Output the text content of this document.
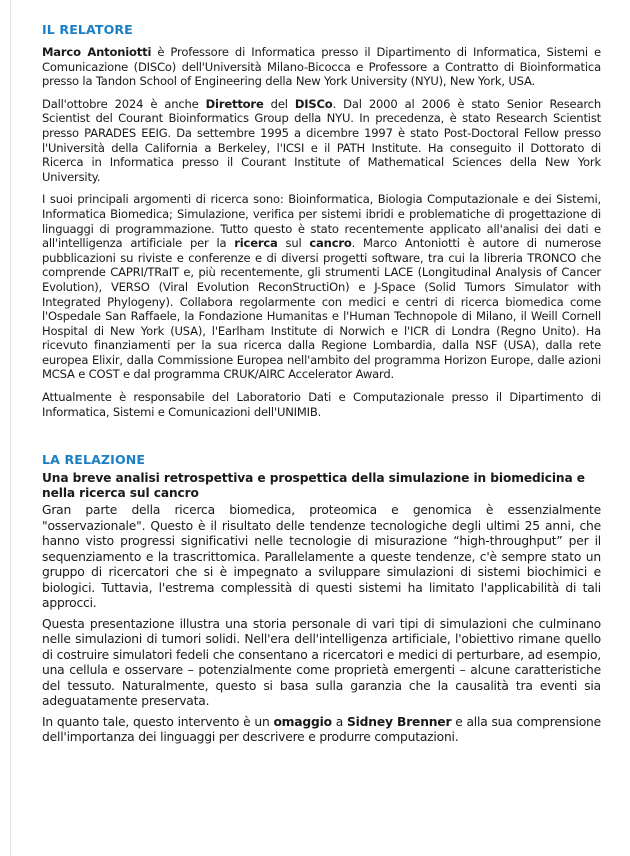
IL RELATORE

Marco Antoniotti è Professore di Informatica presso il Dipartimento di Informatica, Sistemi e Comunicazione (DISCo) dell'Università Milano-Bicocca e Professore a Contratto di Bioinformatica presso la Tandon School of Engineering della New York University (NYU), New York, USA.

Dall'ottobre 2024 è anche Direttore del DISCo. Dal 2000 al 2006 è stato Senior Research Scientist del Courant Bioinformatics Group della NYU. In precedenza, è stato Research Scientist presso PARADES EEIG. Da settembre 1995 a dicembre 1997 è stato Post-Doctoral Fellow presso l'Università della California a Berkeley, l'ICSI e il PATH Institute. Ha conseguito il Dottorato di Ricerca in Informatica presso il Courant Institute of Mathematical Sciences della New York University.

I suoi principali argomenti di ricerca sono: Bioinformatica, Biologia Computazionale e dei Sistemi, Informatica Biomedica; Simulazione, verifica per sistemi ibridi e problematiche di progettazione di linguaggi di programmazione. Tutto questo è stato recentemente applicato all'analisi dei dati e all'intelligenza artificiale per la ricerca sul cancro. Marco Antoniotti è autore di numerose pubblicazioni su riviste e conferenze e di diversi progetti software, tra cui la libreria TRONCO che comprende CAPRI/TRaIT e, più recentemente, gli strumenti LACE (Longitudinal Analysis of Cancer Evolution), VERSO (Viral Evolution ReconStructiOn) e J-Space (Solid Tumors Simulator with Integrated Phylogeny). Collabora regolarmente con medici e centri di ricerca biomedica come l'Ospedale San Raffaele, la Fondazione Humanitas e l'Human Technopole di Milano, il Weill Cornell Hospital di New York (USA), l'Earlham Institute di Norwich e l'ICR di Londra (Regno Unito). Ha ricevuto finanziamenti per la sua ricerca dalla Regione Lombardia, dalla NSF (USA), dalla rete europea Elixir, dalla Commissione Europea nell'ambito del programma Horizon Europe, dalle azioni MCSA e COST e dal programma CRUK/AIRC Accelerator Award.

Attualmente è responsabile del Laboratorio Dati e Computazionale presso il Dipartimento di Informatica, Sistemi e Comunicazioni dell'UNIMIB.

LA RELAZIONE
Una breve analisi retrospettiva e prospettica della simulazione in biomedicina e nella ricerca sul cancro

Gran parte della ricerca biomedica, proteomica e genomica è essenzialmente "osservazionale". Questo è il risultato delle tendenze tecnologiche degli ultimi 25 anni, che hanno visto progressi significativi nelle tecnologie di misurazione “high-throughput” per il sequenziamento e la trascrittomica. Parallelamente a queste tendenze, c'è sempre stato un gruppo di ricercatori che si è impegnato a sviluppare simulazioni di sistemi biochimici e biologici. Tuttavia, l'estrema complessità di questi sistemi ha limitato l'applicabilità di tali approcci.

Questa presentazione illustra una storia personale di vari tipi di simulazioni che culminano nelle simulazioni di tumori solidi. Nell'era dell'intelligenza artificiale, l'obiettivo rimane quello di costruire simulatori fedeli che consentano a ricercatori e medici di perturbare, ad esempio, una cellula e osservare – potenzialmente come proprietà emergenti – alcune caratteristiche del tessuto. Naturalmente, questo si basa sulla garanzia che la causalità tra eventi sia adeguatamente preservata.

In quanto tale, questo intervento è un omaggio a Sidney Brenner e alla sua comprensione dell'importanza dei linguaggi per descrivere e produrre computazioni.
